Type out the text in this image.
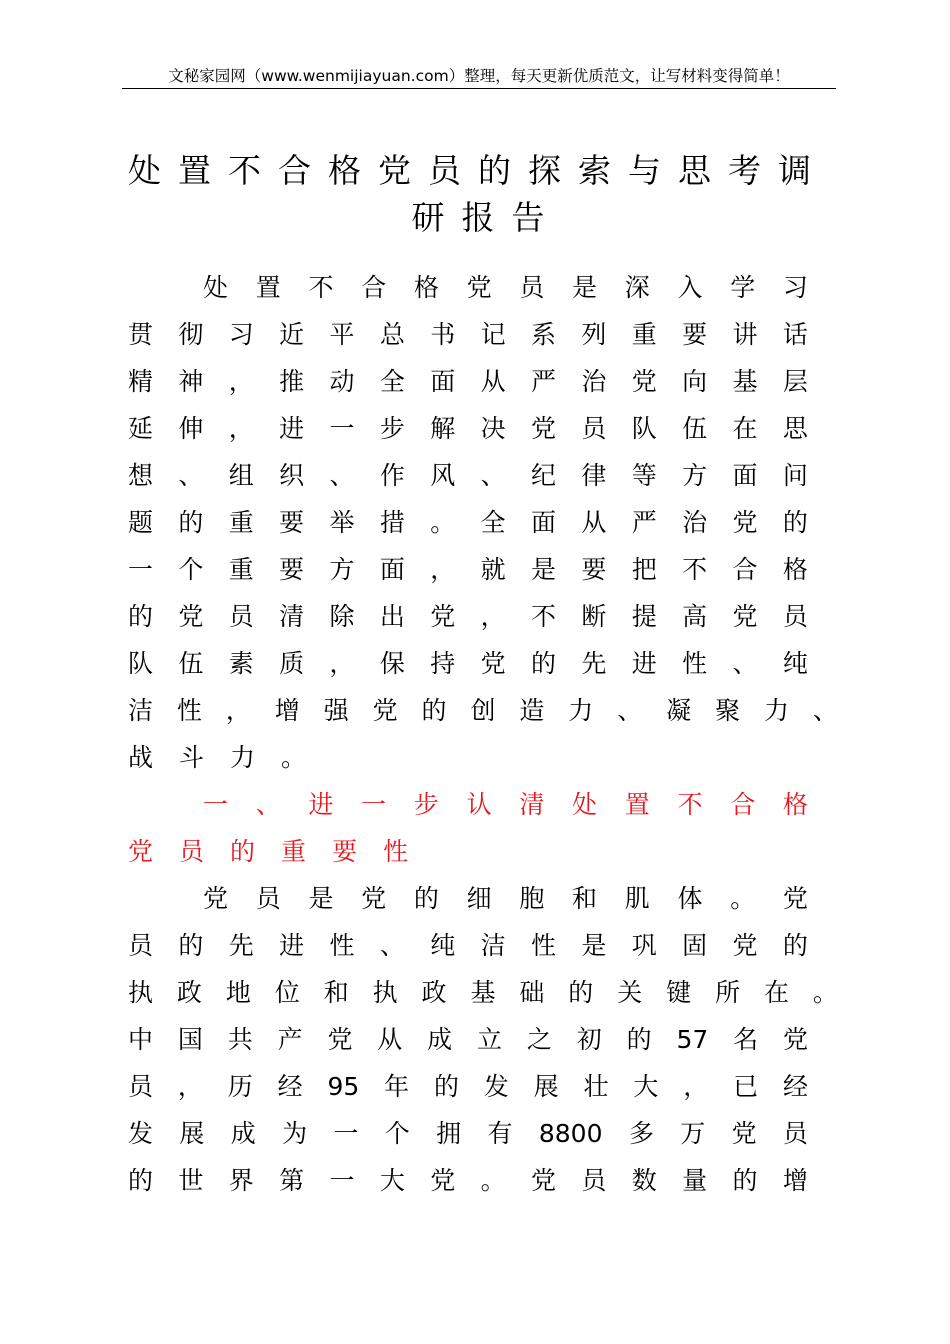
文秘家园网（www.wenmijiayuan.com）整理，每天更新优质范文，让写材料变得简单！
处置不合格党员的探索与思考调
研报告
处 置 不 合 格 党 员 是 深 入 学 习
贯 彻 习 近 平 总 书 记 系 列 重 要 讲 话
精 神 ， 推 动 全 面 从 严 治 党 向 基 层
延 伸 ， 进 一 步 解 决 党 员 队 伍 在 思
想 、 组 织 、 作 风 、 纪 律 等 方 面 问
题 的 重 要 举 措 。 全 面 从 严 治 党 的
一 个 重 要 方 面 ， 就 是 要 把 不 合 格
的 党 员 清 除 出 党 ， 不 断 提 高 党 员
队 伍 素 质 ， 保 持 党 的 先 进 性 、 纯
洁 性 ， 增 强 党 的 创 造 力 、 凝 聚 力 、
战 斗 力 。
一 、 进 一 步 认 清 处 置 不 合 格
党 员 的 重 要 性
党 员 是 党 的 细 胞 和 肌 体 。 党
员 的 先 进 性 、 纯 洁 性 是 巩 固 党 的
执 政 地 位 和 执 政 基 础 的 关 键 所 在 。
中 国 共 产 党 从 成 立 之 初 的 57 名 党
员 ， 历 经 95 年 的 发 展 壮 大 ， 已 经
发 展 成 为 一 个 拥 有 8800 多 万 党 员
的 世 界 第 一 大 党 。 党 员 数 量 的 增
